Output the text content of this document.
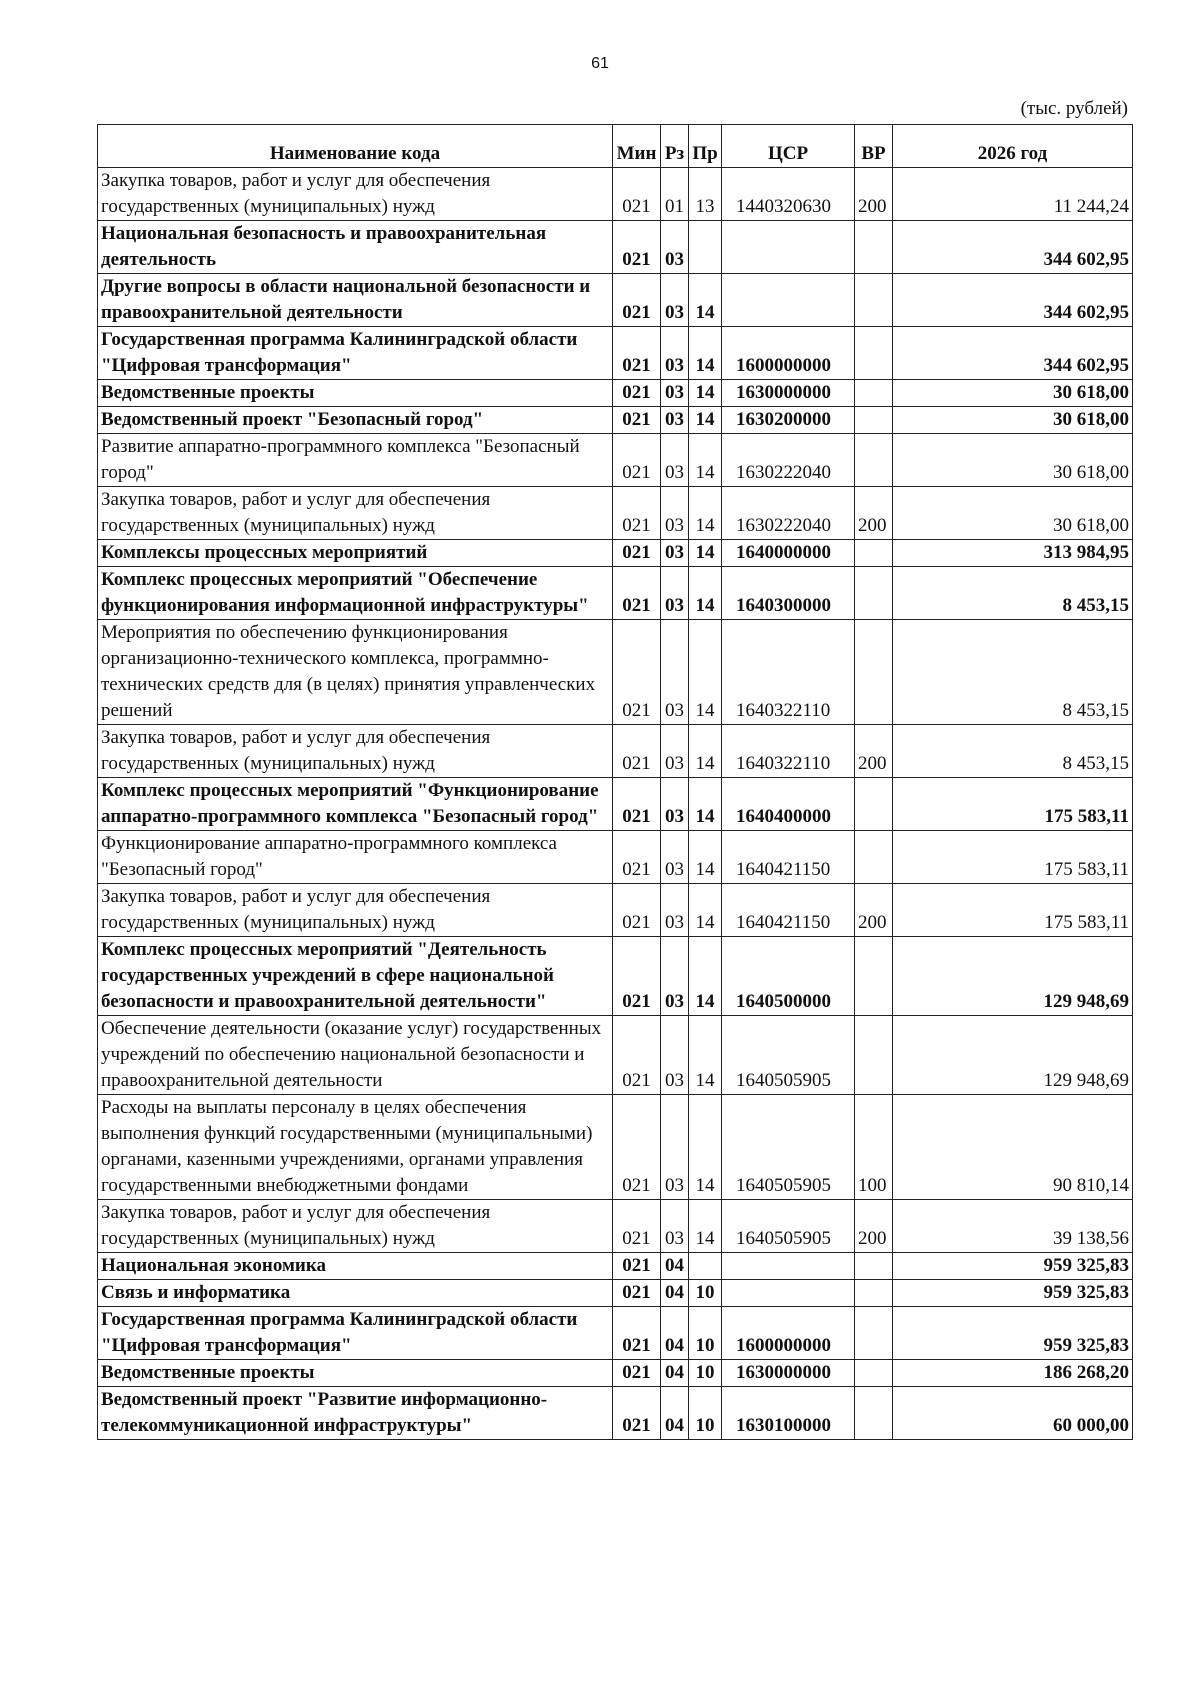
61
(тыс. рублей)
Наименование кода	Мин	Рз	Пр	ЦСР	ВР	2026 год
Закупка товаров, работ и услуг для обеспечения государственных (муниципальных) нужд	021	01	13	1440320630	200	11 244,24
Национальная безопасность и правоохранительная деятельность	021	03				344 602,95
Другие вопросы в области национальной безопасности и правоохранительной деятельности	021	03	14			344 602,95
Государственная программа Калининградской области "Цифровая трансформация"	021	03	14	1600000000		344 602,95
Ведомственные проекты	021	03	14	1630000000		30 618,00
Ведомственный проект "Безопасный город"	021	03	14	1630200000		30 618,00
Развитие аппаратно-программного комплекса "Безопасный город"	021	03	14	1630222040		30 618,00
Закупка товаров, работ и услуг для обеспечения государственных (муниципальных) нужд	021	03	14	1630222040	200	30 618,00
Комплексы процессных мероприятий	021	03	14	1640000000		313 984,95
Комплекс процессных мероприятий "Обеспечение функционирования информационной инфраструктуры"	021	03	14	1640300000		8 453,15
Мероприятия по обеспечению функционирования организационно-технического комплекса, программно-технических средств для (в целях) принятия управленческих решений	021	03	14	1640322110		8 453,15
Закупка товаров, работ и услуг для обеспечения государственных (муниципальных) нужд	021	03	14	1640322110	200	8 453,15
Комплекс процессных мероприятий "Функционирование аппаратно-программного комплекса "Безопасный город"	021	03	14	1640400000		175 583,11
Функционирование аппаратно-программного комплекса "Безопасный город"	021	03	14	1640421150		175 583,11
Закупка товаров, работ и услуг для обеспечения государственных (муниципальных) нужд	021	03	14	1640421150	200	175 583,11
Комплекс процессных мероприятий "Деятельность государственных учреждений в сфере национальной безопасности и правоохранительной деятельности"	021	03	14	1640500000		129 948,69
Обеспечение деятельности (оказание услуг) государственных учреждений по обеспечению национальной безопасности и правоохранительной деятельности	021	03	14	1640505905		129 948,69
Расходы на выплаты персоналу в целях обеспечения выполнения функций государственными (муниципальными) органами, казенными учреждениями, органами управления государственными внебюджетными фондами	021	03	14	1640505905	100	90 810,14
Закупка товаров, работ и услуг для обеспечения государственных (муниципальных) нужд	021	03	14	1640505905	200	39 138,56
Национальная экономика	021	04				959 325,83
Связь и информатика	021	04	10			959 325,83
Государственная программа Калининградской области "Цифровая трансформация"	021	04	10	1600000000		959 325,83
Ведомственные проекты	021	04	10	1630000000		186 268,20
Ведомственный проект "Развитие информационно-телекоммуникационной инфраструктуры"	021	04	10	1630100000		60 000,00
